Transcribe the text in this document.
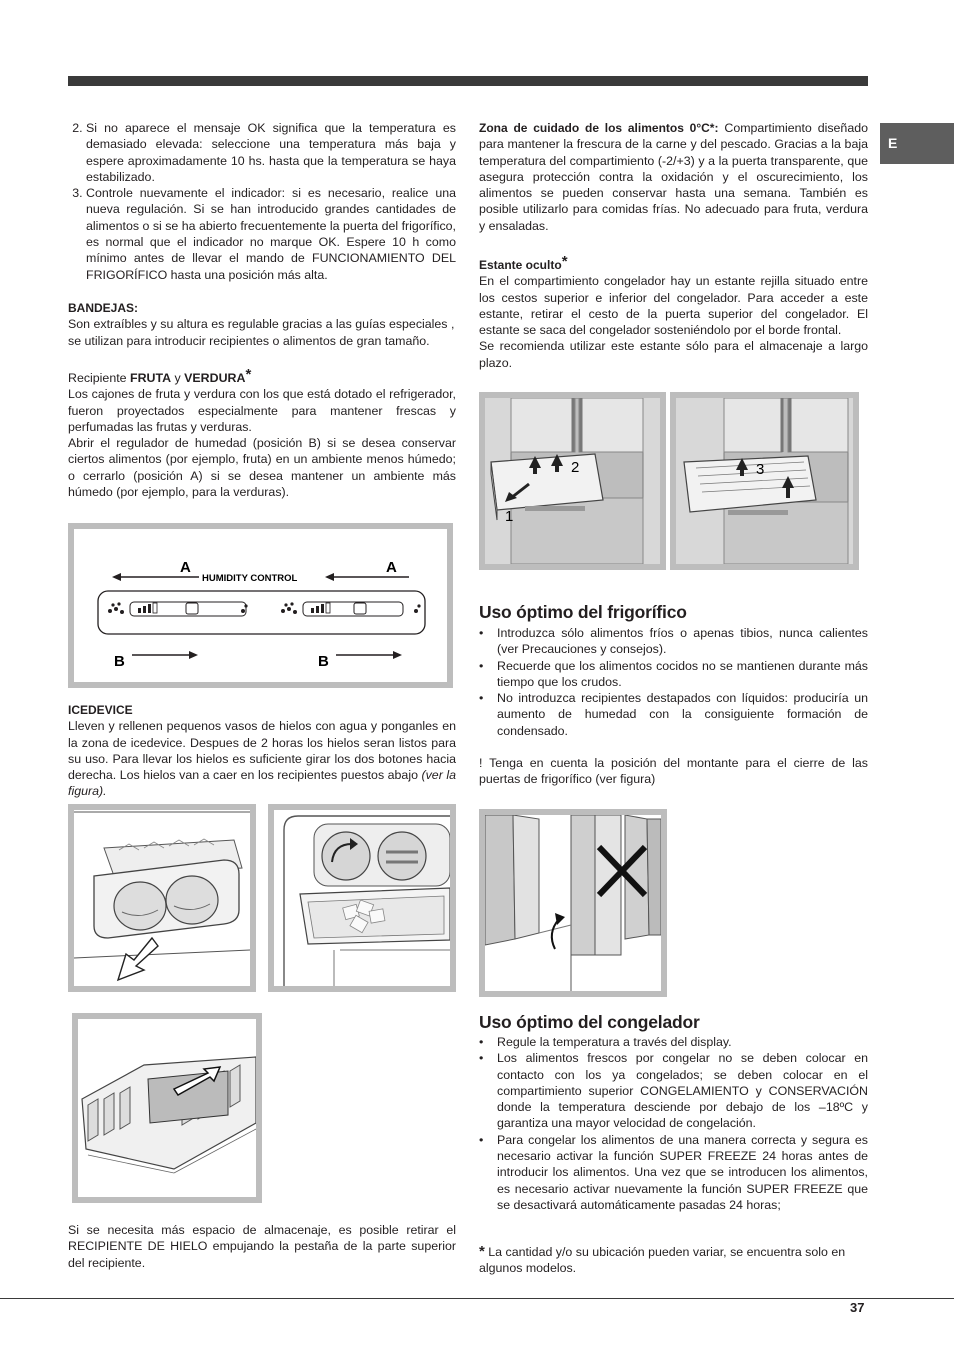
E
2. Si no aparece el mensaje OK significa que la temperatura es demasiado elevada: seleccione una temperatura más baja y espere aproximadamente 10 hs. hasta que la temperatura se haya estabilizado.
3. Controle nuevamente el indicador: si es necesario, realice una nueva regulación. Si se han introducido grandes cantidades de alimentos o si se ha abierto frecuentemente la puerta del frigorífico, es normal que el indicador no marque OK. Espere 10 h como mínimo antes de llevar el mando de FUNCIONAMIENTO DEL FRIGORÍFICO hasta una posición más alta.

BANDEJAS:

Son extraíbles y su altura es regulable gracias a las guías especiales , se utilizan para introducir recipientes o alimentos de gran tamaño.

Recipiente FRUTA y VERDURA*

Los cajones de fruta y verdura con los que está dotado el refrigerador, fueron proyectados especialmente para mantener frescas y perfumadas las frutas y verduras.

Abrir el regulador de humedad (posición B) si se desea conservar ciertos alimentos (por ejemplo, fruta) en un ambiente menos húmedo; o cerrarlo (posición A) si se desea mantener un ambiente más húmedo (por ejemplo, para la verduras).

A	A
HUMIDITY CONTROL
B	B

ICEDEVICE

Lleven y rellenen pequenos vasos de hielos con agua y ponganles en la zona de icedevice. Despues de 2 horas los hielos seran listos para su uso. Para llevar los hielos es suficiente girar los dos botones hacia derecha. Los hielos van a caer en los recipientes puestos abajo (ver la figura).

Si se necesita más espacio de almacenaje, es posible retirar el RECIPIENTE DE HIELO empujando la pestaña de la parte superior del recipiente.
Zona de cuidado de los alimentos 0°C*: Compartimiento diseñado para mantener la frescura de la carne y del pescado. Gracias a la baja temperatura del compartimiento (-2/+3) y a la puerta transparente, que asegura protección contra la oxidación y el oscurecimiento, los alimentos se pueden conservar hasta una semana. También es posible utilizarlo para comidas frías. No adecuado para fruta, verdura y ensaladas.

Estante oculto*

En el compartimiento congelador hay un estante rejilla situado entre los cestos superior e inferior del congelador. Para acceder a este estante, retirar el cesto de la puerta superior del congelador. El estante se saca del congelador sosteniéndolo por el borde frontal.

Se recomienda utilizar este estante sólo para el almacenaje a largo plazo.

2
1
3
Uso óptimo del frigorífico
• Introduzca sólo alimentos fríos o apenas tibios, nunca calientes (ver Precauciones y consejos).
• Recuerde que los alimentos cocidos no se mantienen durante más tiempo que los crudos.
• No introduzca recipientes destapados con líquidos: produciría un aumento de humedad con la consiguiente formación de condensado.
! Tenga en cuenta la posición del montante para el cierre de las puertas de frigorífico (ver figura)
Uso óptimo del congelador
• Regule la temperatura a través del display.
• Los alimentos frescos por congelar no se deben colocar en contacto con los ya congelados; se deben colocar en el compartimiento superior CONGELAMIENTO y CONSERVACIÓN donde la temperatura desciende por debajo de los –18ºC y garantiza una mayor velocidad de congelación.
• Para congelar los alimentos de una manera correcta y segura es necesario activar la función SUPER FREEZE 24 horas antes de introducir los alimentos. Una vez que se introducen los alimentos, es necesario activar nuevamente la función SUPER FREEZE que se desactivará automáticamente pasadas 24 horas;
* La cantidad y/o su ubicación pueden variar, se encuentra solo en algunos modelos.
37
